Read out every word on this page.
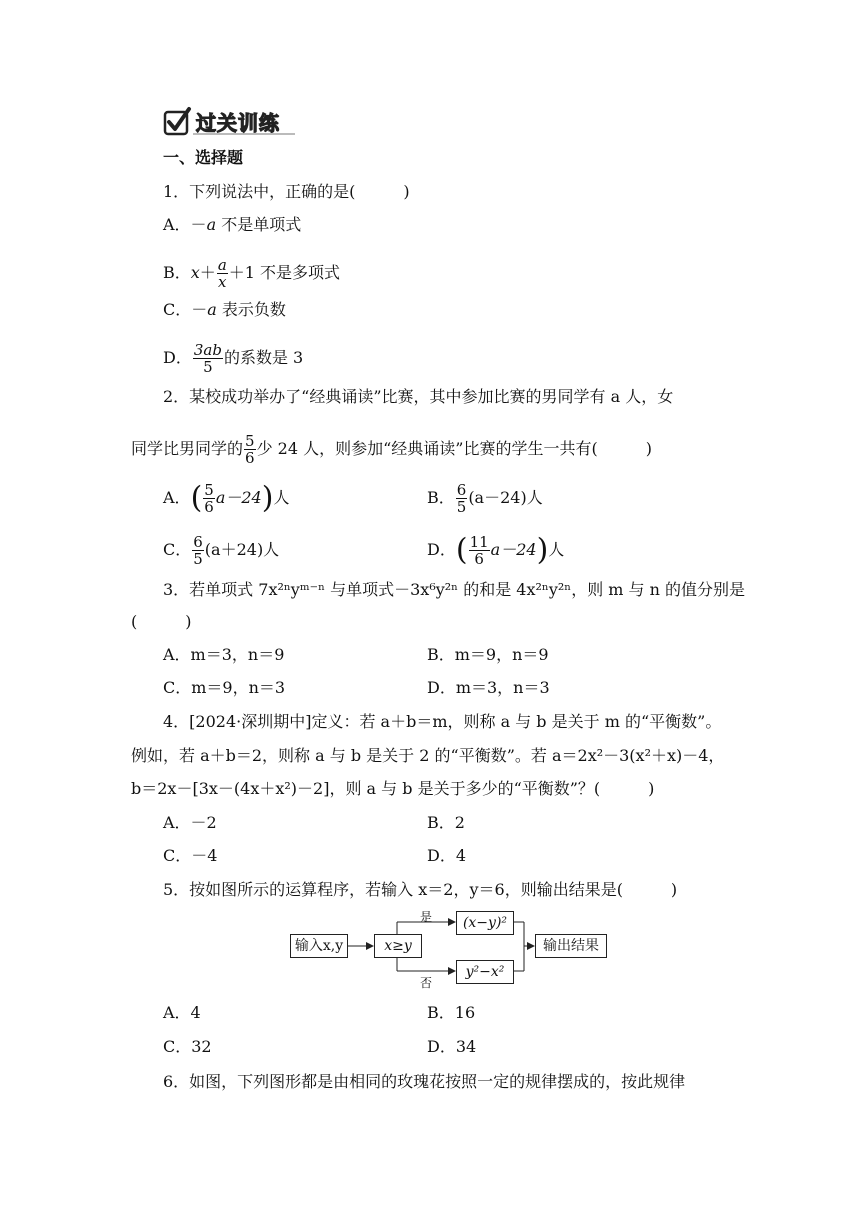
过关训练
一、选择题
1．下列说法中，正确的是(　　　)
A．－a 不是单项式
B．$x+ \frac{a}{x} +1$ 不是多项式
C．－a 表示负数
D． $\frac{3ab}{5}$ 的系数是 3
2．某校成功举办了“经典诵读”比赛，其中参加比赛的男同学有 a 人，女
同学比男同学的 $\frac{5}{6}$ 少 24 人，则参加“经典诵读”比赛的学生一共有(　　　)
A．( $\frac{5}{6} a-24$)人	B． $\frac{6}{5} (a-24)$人
C． $\frac{6}{5} (a+24)$人	D．( $\frac{11}{6} a-24$)人
3．若单项式 7x²ⁿyᵐ⁻ⁿ 与单项式－3x⁶y²ⁿ 的和是 4x²ⁿy²ⁿ，则 m 与 n 的值分别是
(　　　)
A．m＝3，n＝9	B．m＝9，n＝9
C．m＝9，n＝3	D．m＝3，n＝3
4．[2024·深圳期中]定义：若 a＋b＝m，则称 a 与 b 是关于 m 的“平衡数”。
例如，若 a＋b＝2，则称 a 与 b 是关于 2 的“平衡数”。若 a＝2x²－3(x²＋x)－4，
b＝2x－[3x－(4x＋x²)－2]，则 a 与 b 是关于多少的“平衡数”？(　　　)
A．－2	B．2
C．－4	D．4
5．按如图所示的运算程序，若输入 x＝2，y＝6，则输出结果是(　　　)
输入x,y	x≥y
是
否
(x−y)²
y²−x²
输出结果
A．4	B．16
C．32	D．34
6．如图，下列图形都是由相同的玫瑰花按照一定的规律摆成的，按此规律
